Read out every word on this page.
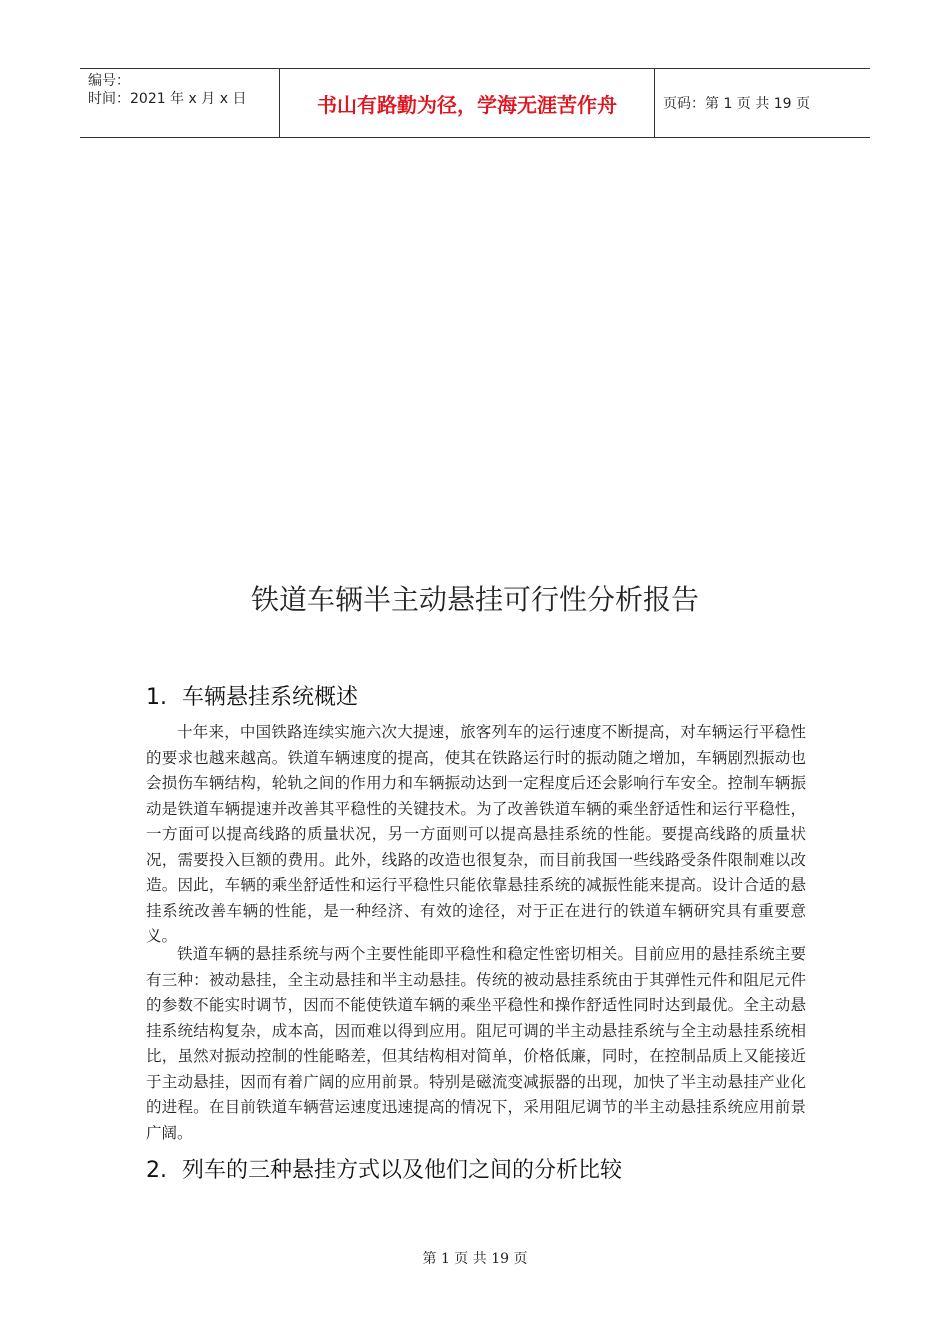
编号：
时间：2021 年 x 月 x 日	书山有路勤为径，学海无涯苦作舟	页码：第 1 页 共 19 页
铁道车辆半主动悬挂可行性分析报告
1. 车辆悬挂系统概述

十年来，中国铁路连续实施六次大提速，旅客列车的运行速度不断提高，对车辆运行平稳性的要求也越来越高。铁道车辆速度的提高，使其在铁路运行时的振动随之增加，车辆剧烈振动也会损伤车辆结构，轮轨之间的作用力和车辆振动达到一定程度后还会影响行车安全。控制车辆振动是铁道车辆提速并改善其平稳性的关键技术。为了改善铁道车辆的乘坐舒适性和运行平稳性，一方面可以提高线路的质量状况，另一方面则可以提高悬挂系统的性能。要提高线路的质量状况，需要投入巨额的费用。此外，线路的改造也很复杂，而目前我国一些线路受条件限制难以改造。因此，车辆的乘坐舒适性和运行平稳性只能依靠悬挂系统的减振性能来提高。设计合适的悬挂系统改善车辆的性能，是一种经济、有效的途径，对于正在进行的铁道车辆研究具有重要意义。

铁道车辆的悬挂系统与两个主要性能即平稳性和稳定性密切相关。目前应用的悬挂系统主要有三种：被动悬挂，全主动悬挂和半主动悬挂。传统的被动悬挂系统由于其弹性元件和阻尼元件的参数不能实时调节，因而不能使铁道车辆的乘坐平稳性和操作舒适性同时达到最优。全主动悬挂系统结构复杂，成本高，因而难以得到应用。阻尼可调的半主动悬挂系统与全主动悬挂系统相比，虽然对振动控制的性能略差，但其结构相对简单，价格低廉，同时，在控制品质上又能接近于主动悬挂，因而有着广阔的应用前景。特别是磁流变减振器的出现，加快了半主动悬挂产业化的进程。在目前铁道车辆营运速度迅速提高的情况下，采用阻尼调节的半主动悬挂系统应用前景广阔。

2. 列车的三种悬挂方式以及他们之间的分析比较
第 1 页 共 19 页
